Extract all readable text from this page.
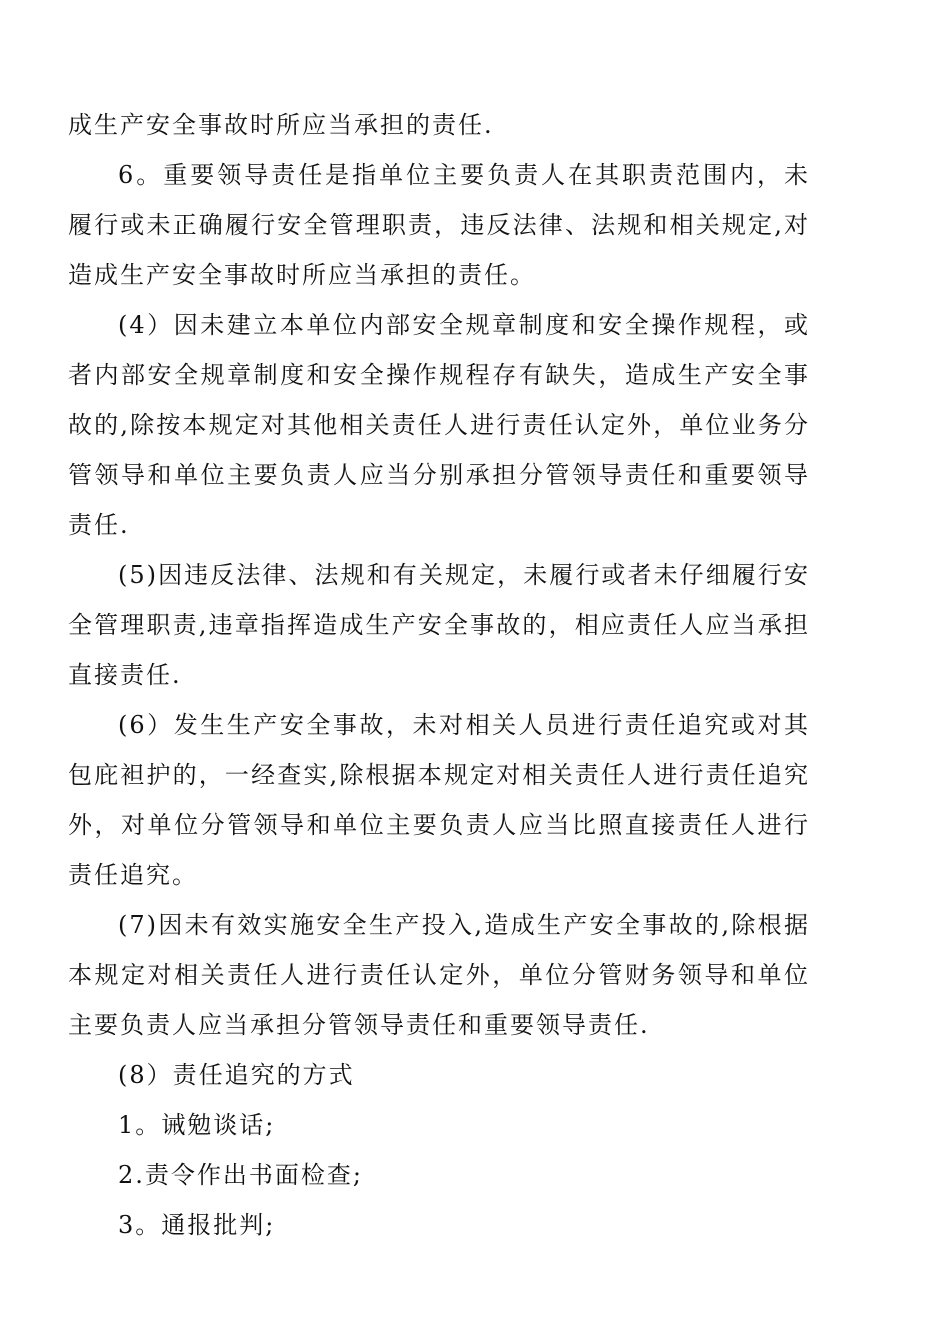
成生产安全事故时所应当承担的责任.

6。重要领导责任是指单位主要负责人在其职责范围内，未履行或未正确履行安全管理职责，违反法律、法规和相关规定,对造成生产安全事故时所应当承担的责任。

(4）因未建立本单位内部安全规章制度和安全操作规程，或者内部安全规章制度和安全操作规程存有缺失，造成生产安全事故的,除按本规定对其他相关责任人进行责任认定外，单位业务分管领导和单位主要负责人应当分别承担分管领导责任和重要领导责任.

(5)因违反法律、法规和有关规定，未履行或者未仔细履行安全管理职责,违章指挥造成生产安全事故的，相应责任人应当承担直接责任.

(6）发生生产安全事故，未对相关人员进行责任追究或对其包庇袒护的，一经查实,除根据本规定对相关责任人进行责任追究外，对单位分管领导和单位主要负责人应当比照直接责任人进行责任追究。

(7)因未有效实施安全生产投入,造成生产安全事故的,除根据本规定对相关责任人进行责任认定外，单位分管财务领导和单位主要负责人应当承担分管领导责任和重要领导责任.

(8）责任追究的方式

1。诫勉谈话;

2.责令作出书面检查;

3。通报批判;
